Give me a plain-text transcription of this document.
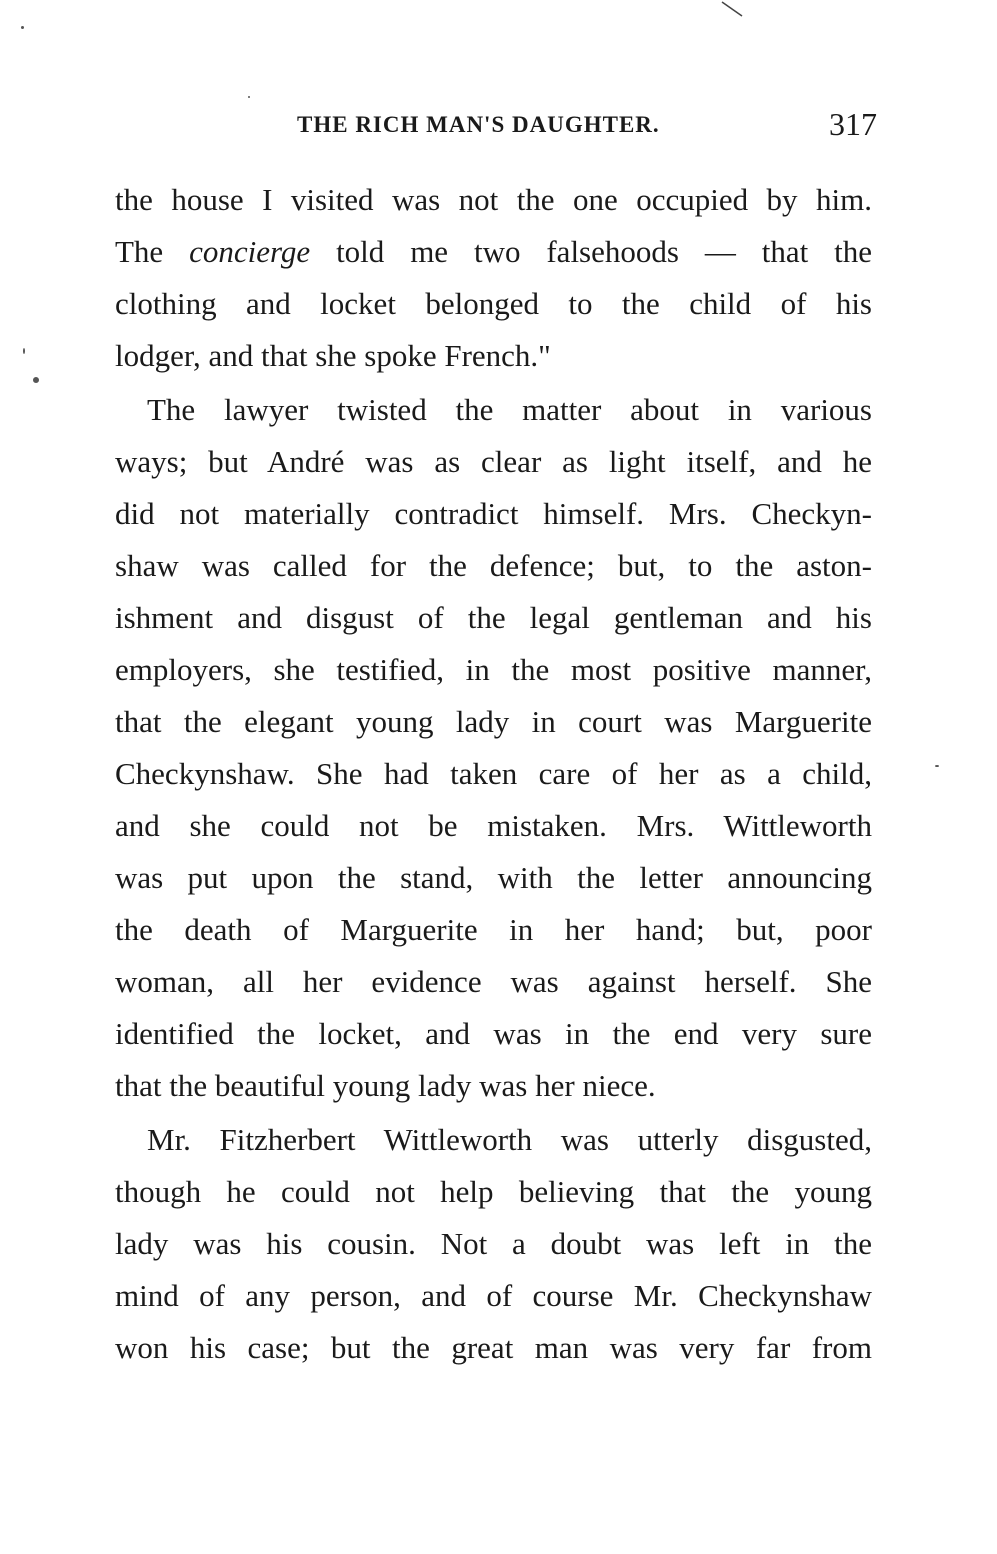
THE RICH MAN'S DAUGHTER.	317
the house I visited was not the one occupied by him.
The concierge told me two falsehoods — that the
clothing and locket belonged to the child of his
lodger, and that she spoke French."
The lawyer twisted the matter about in various
ways; but André was as clear as light itself, and he
did not materially contradict himself. Mrs. Checkyn-
shaw was called for the defence; but, to the aston-
ishment and disgust of the legal gentleman and his
employers, she testified, in the most positive manner,
that the elegant young lady in court was Marguerite
Checkynshaw. She had taken care of her as a child,
and she could not be mistaken. Mrs. Wittleworth
was put upon the stand, with the letter announcing
the death of Marguerite in her hand; but, poor
woman, all her evidence was against herself. She
identified the locket, and was in the end very sure
that the beautiful young lady was her niece.
Mr. Fitzherbert Wittleworth was utterly disgusted,
though he could not help believing that the young
lady was his cousin. Not a doubt was left in the
mind of any person, and of course Mr. Checkynshaw
won his case; but the great man was very far from
